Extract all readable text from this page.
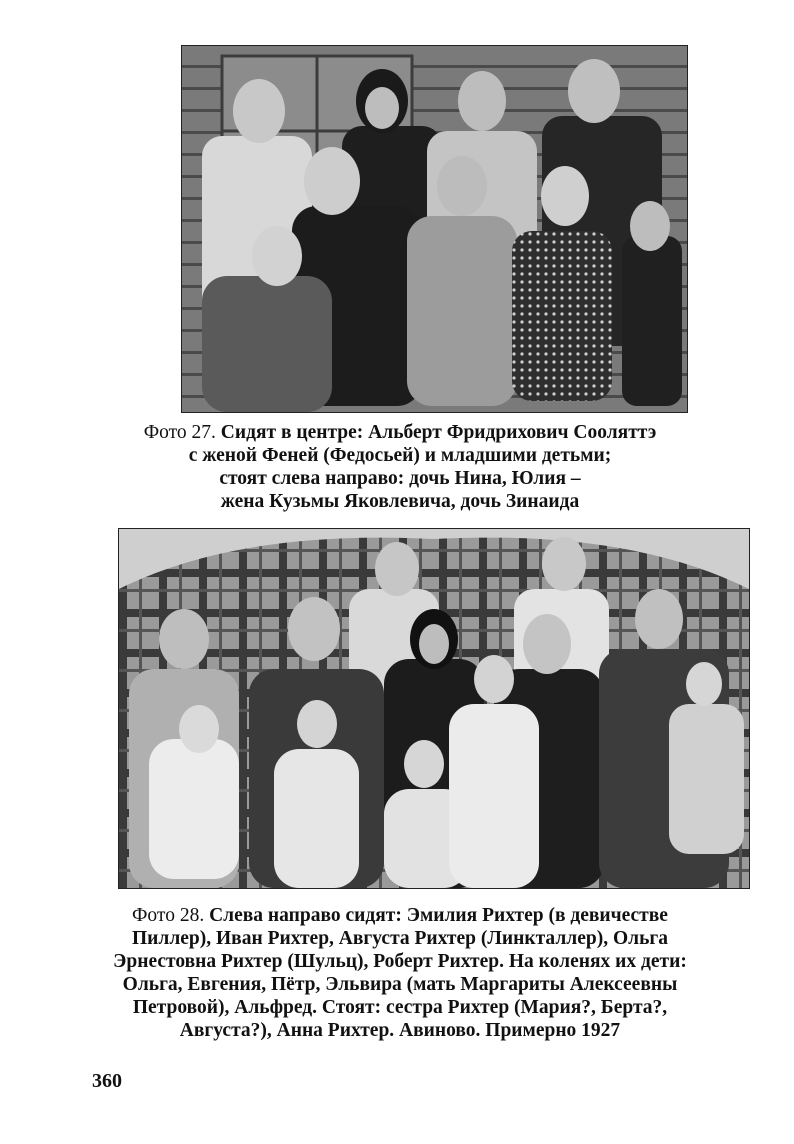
Фото 27. Сидят в центре: Альберт Фридрихович Сооляттэ
с женой Феней (Федосьей) и младшими детьми;
стоят слева направо: дочь Нина, Юлия –
жена Кузьмы Яковлевича, дочь Зинаида
Фото 28. Слева направо сидят: Эмилия Рихтер (в девичестве
Пиллер), Иван Рихтер, Августа Рихтер (Линкталлер), Ольга
Эрнестовна Рихтер (Шульц), Роберт Рихтер. На коленях их дети:
Ольга, Евгения, Пётр, Эльвира (мать Маргариты Алексеевны
Петровой), Альфред. Стоят: сестра Рихтер (Мария?, Берта?,
Августа?), Анна Рихтер. Авиново. Примерно 1927
360
